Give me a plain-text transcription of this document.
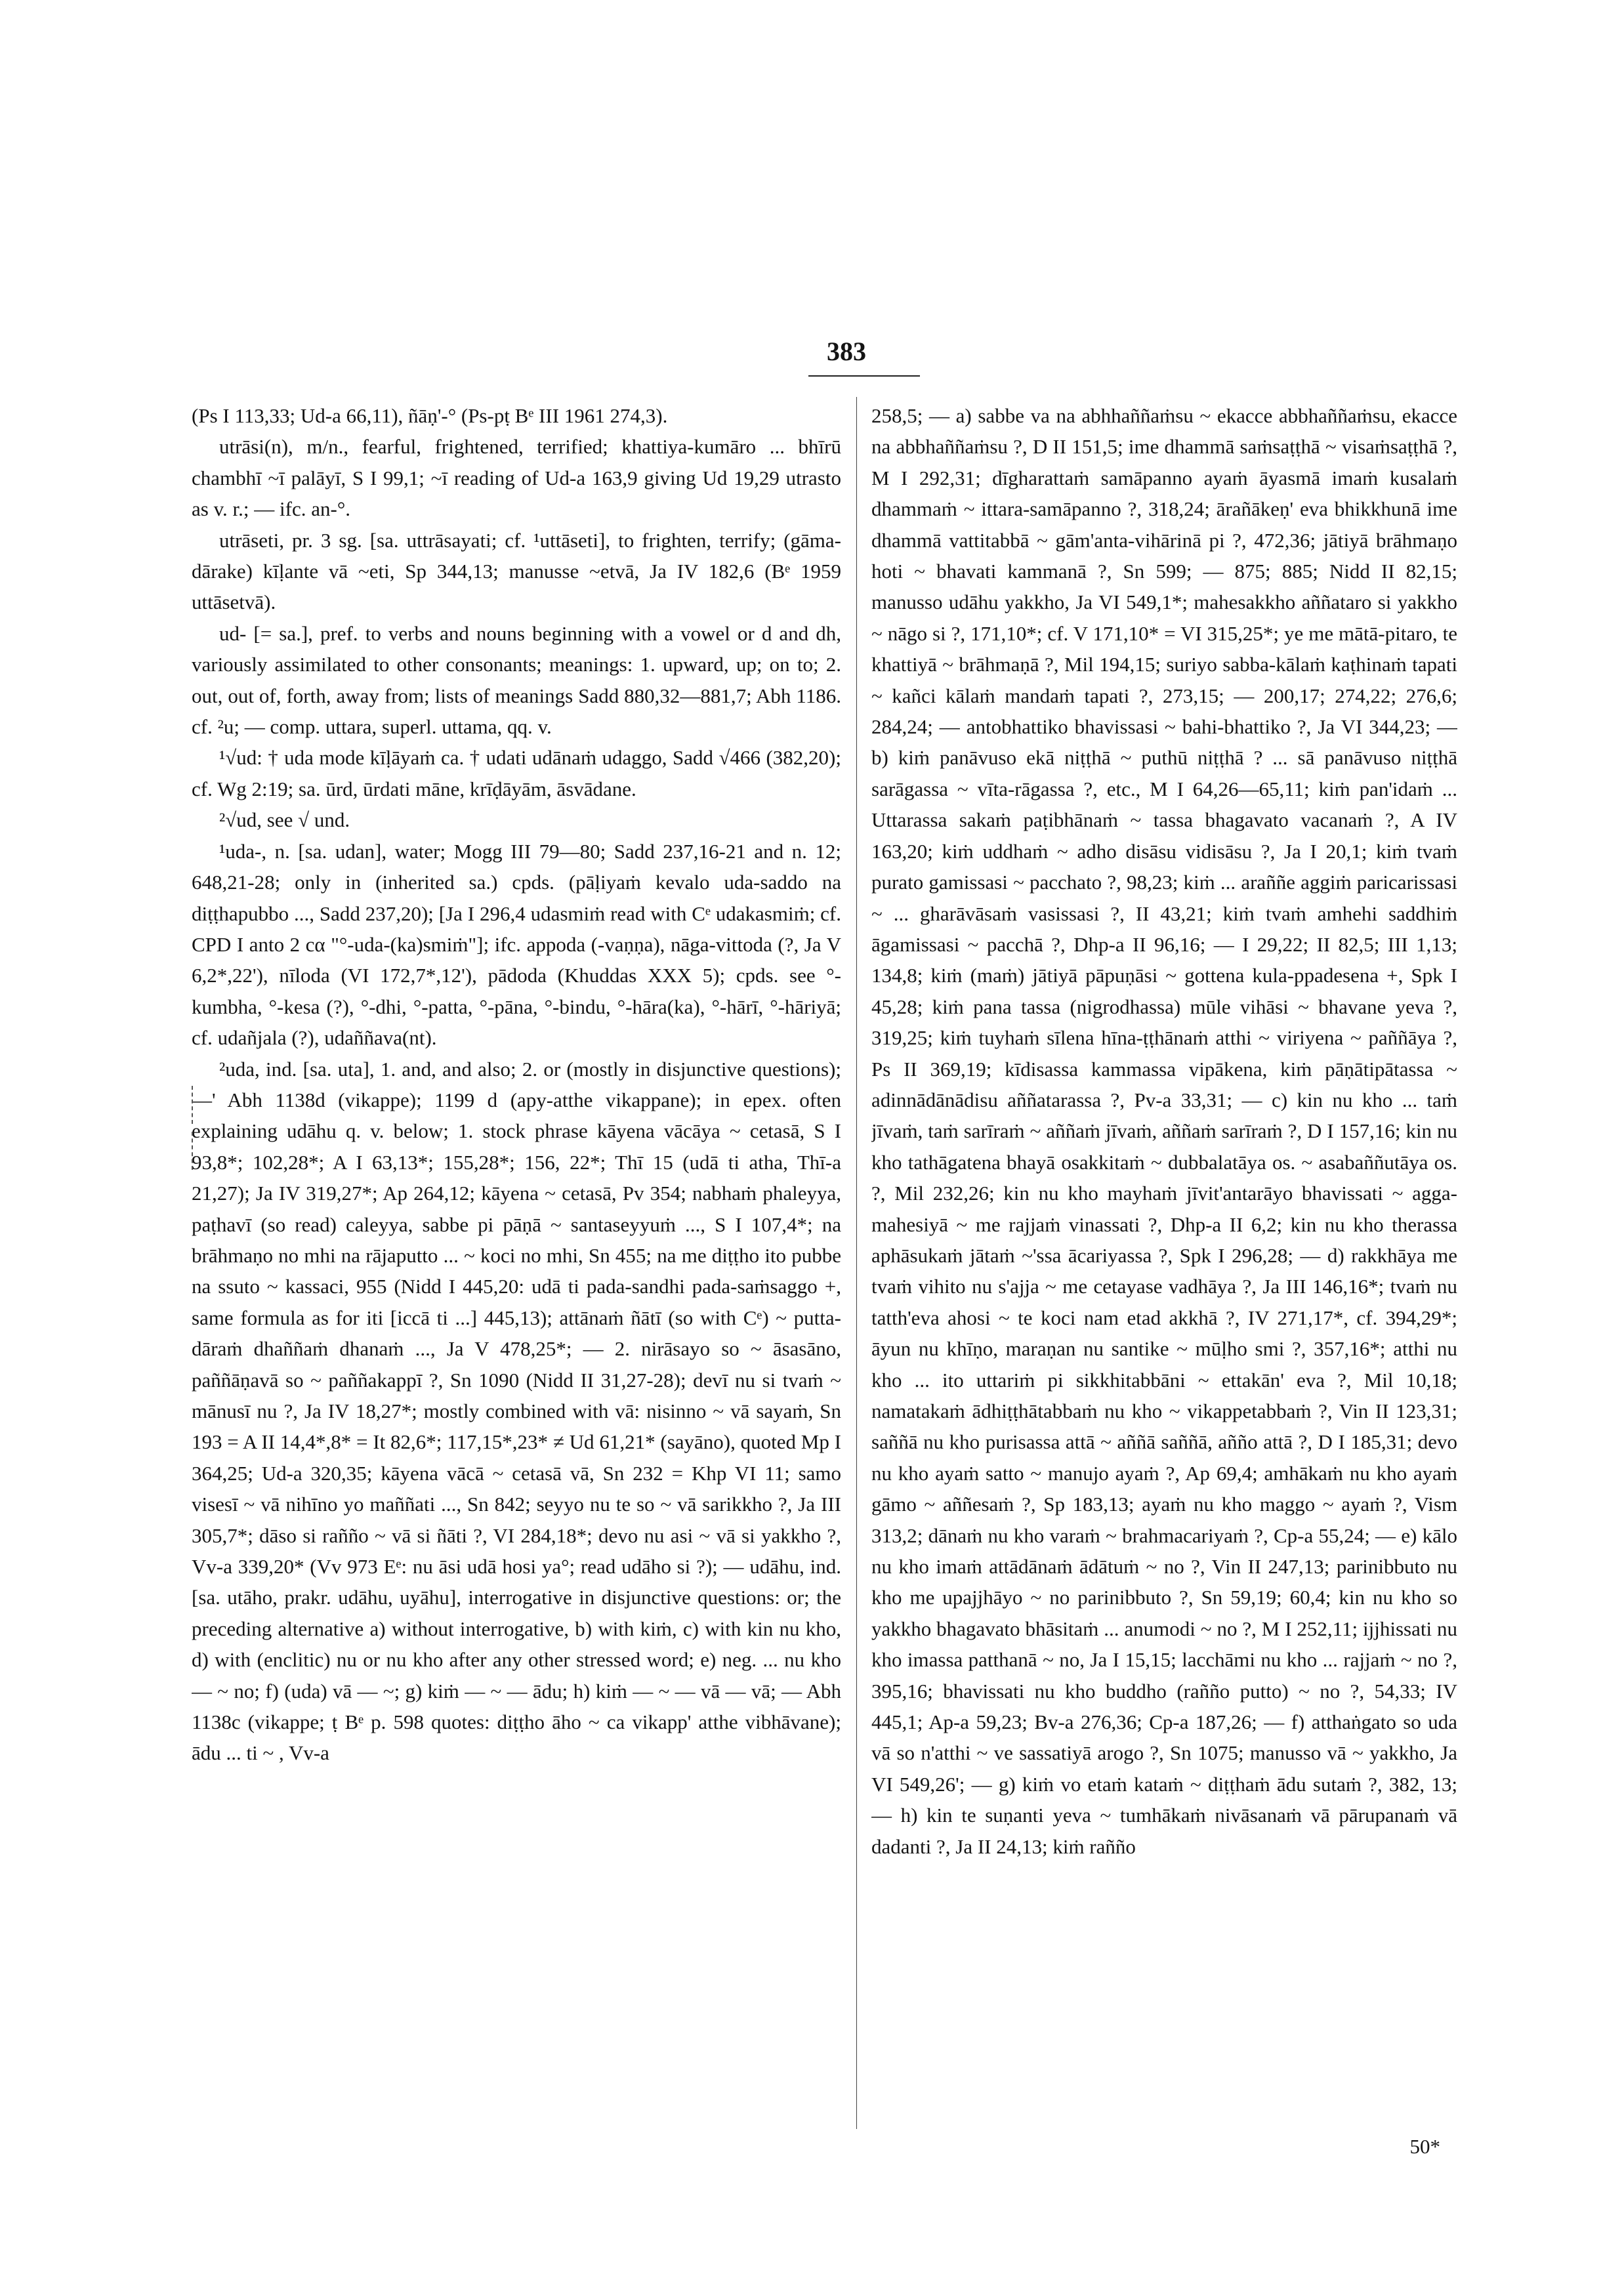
383

(Ps I 113,33; Ud-a 66,11), ñāṇ'-° (Ps-pṭ Bᵉ III 1961 274,3).

utrāsi(n), m/n., fearful, frightened, terrified; khattiya-kumāro ... bhīrū chambhī ~ī palāyī, S I 99,1; ~ī reading of Ud-a 163,9 giving Ud 19,29 utrasto as v. r.; — ifc. an-°.

utrāseti, pr. 3 sg. [sa. uttrāsayati; cf. ¹uttāseti], to frighten, terrify; (gāma-dārake) kīḷante vā ~eti, Sp 344,13; manusse ~etvā, Ja IV 182,6 (Bᵉ 1959 uttāsetvā).

ud- [= sa.], pref. to verbs and nouns beginning with a vowel or d and dh, variously assimilated to other consonants; meanings: 1. upward, up; on to; 2. out, out of, forth, away from; lists of meanings Sadd 880,32—881,7; Abh 1186. cf. ²u; — comp. uttara, superl. uttama, qq. v.

¹√ud: † uda mode kīḷāyaṁ ca. † udati udānaṁ udaggo, Sadd √466 (382,20); cf. Wg 2:19; sa. ūrd, ūrdati māne, krīḍāyām, āsvādane.

²√ud, see √ und.

¹uda-, n. [sa. udan], water; Mogg III 79—80; Sadd 237,16-21 and n. 12; 648,21-28; only in (inherited sa.) cpds. (pāḷiyaṁ kevalo uda-saddo na diṭṭhapubbo ..., Sadd 237,20); [Ja I 296,4 udasmiṁ read with Cᵉ udakasmiṁ; cf. CPD I anto 2 cα "°-uda-(ka)smiṁ"]; ifc. appoda (-vaṇṇa), nāga-vittoda (?, Ja V 6,2*,22'), nīloda (VI 172,7*,12'), pādoda (Khuddas XXX 5); cpds. see °-kumbha, °-kesa (?), °-dhi, °-patta, °-pāna, °-bindu, °-hāra(ka), °-hārī, °-hāriyā; cf. udañjala (?), udaññava(nt).

²uda, ind. [sa. uta], 1. and, and also; 2. or (mostly in disjunctive questions); —' Abh 1138d (vikappe); 1199 d (apy-atthe vikappane); in epex. often explaining udāhu q. v. below; 1. stock phrase kāyena vācāya ~ cetasā, S I 93,8*; 102,28*; A I 63,13*; 155,28*; 156, 22*; Thī 15 (udā ti atha, Thī-a 21,27); Ja IV 319,27*; Ap 264,12; kāyena ~ cetasā, Pv 354; nabhaṁ phaleyya, paṭhavī (so read) caleyya, sabbe pi pāṇā ~ santaseyyuṁ ..., S I 107,4*; na brāhmaṇo no mhi na rājaputto ... ~ koci no mhi, Sn 455; na me diṭṭho ito pubbe na ssuto ~ kassaci, 955 (Nidd I 445,20: udā ti pada-sandhi pada-saṁsaggo +, same formula as for iti [iccā ti ...] 445,13); attānaṁ ñātī (so with Cᵉ) ~ putta-dāraṁ dhaññaṁ dhanaṁ ..., Ja V 478,25*; — 2. nirāsayo so ~ āsasāno, paññāṇavā so ~ paññakappī ?, Sn 1090 (Nidd II 31,27-28); devī nu si tvaṁ ~ mānusī nu ?, Ja IV 18,27*; mostly combined with vā: nisinno ~ vā sayaṁ, Sn 193 = A II 14,4*,8* = It 82,6*; 117,15*,23* ≠ Ud 61,21* (sayāno), quoted Mp I 364,25; Ud-a 320,35; kāyena vācā ~ cetasā vā, Sn 232 = Khp VI 11; samo visesī ~ vā nihīno yo maññati ..., Sn 842; seyyo nu te so ~ vā sarikkho ?, Ja III 305,7*; dāso si rañño ~ vā si ñāti ?, VI 284,18*; devo nu asi ~ vā si yakkho ?, Vv-a 339,20* (Vv 973 Eᵉ: nu āsi udā hosi ya°; read udāho si ?); — udāhu, ind. [sa. utāho, prakr. udāhu, uyāhu], interrogative in disjunctive questions: or; the preceding alternative a) without interrogative, b) with kiṁ, c) with kin nu kho, d) with (enclitic) nu or nu kho after any other stressed word; e) neg. ... nu kho — ~ no; f) (uda) vā — ~; g) kiṁ — ~ — ādu; h) kiṁ — ~ — vā — vā; — Abh 1138c (vikappe; ṭ Bᵉ p. 598 quotes: diṭṭho āho ~ ca vikapp' atthe vibhāvane); ādu ... ti ~ , Vv-a

258,5; — a) sabbe va na abhhaññaṁsu ~ ekacce abbhaññaṁsu, ekacce na abbhaññaṁsu ?, D II 151,5; ime dhammā saṁsaṭṭhā ~ visaṁsaṭṭhā ?, M I 292,31; dīgharattaṁ samāpanno ayaṁ āyasmā imaṁ kusalaṁ dhammaṁ ~ ittara-samāpanno ?, 318,24; ārañākeṇ' eva bhikkhunā ime dhammā vattitabbā ~ gām'anta-vihārinā pi ?, 472,36; jātiyā brāhmaṇo hoti ~ bhavati kammanā ?, Sn 599; — 875; 885; Nidd II 82,15; manusso udāhu yakkho, Ja VI 549,1*; mahesakkho aññataro si yakkho ~ nāgo si ?, 171,10*; cf. V 171,10* = VI 315,25*; ye me mātā-pitaro, te khattiyā ~ brāhmaṇā ?, Mil 194,15; suriyo sabba-kālaṁ kaṭhinaṁ tapati ~ kañci kālaṁ mandaṁ tapati ?, 273,15; — 200,17; 274,22; 276,6; 284,24; — antobhattiko bhavissasi ~ bahi-bhattiko ?, Ja VI 344,23; — b) kiṁ panāvuso ekā niṭṭhā ~ puthū niṭṭhā ? ... sā panāvuso niṭṭhā sarāgassa ~ vīta-rāgassa ?, etc., M I 64,26—65,11; kiṁ pan'idaṁ ... Uttarassa sakaṁ paṭibhānaṁ ~ tassa bhagavato vacanaṁ ?, A IV 163,20; kiṁ uddhaṁ ~ adho disāsu vidisāsu ?, Ja I 20,1; kiṁ tvaṁ purato gamissasi ~ pacchato ?, 98,23; kiṁ ... araññe aggiṁ paricarissasi ~ ... gharāvāsaṁ vasissasi ?, II 43,21; kiṁ tvaṁ amhehi saddhiṁ āgamissasi ~ pacchā ?, Dhp-a II 96,16; — I 29,22; II 82,5; III 1,13; 134,8; kiṁ (maṁ) jātiyā pāpuṇāsi ~ gottena kula-ppadesena +, Spk I 45,28; kiṁ pana tassa (nigrodhassa) mūle vihāsi ~ bhavane yeva ?, 319,25; kiṁ tuyhaṁ sīlena hīna-ṭṭhānaṁ atthi ~ viriyena ~ paññāya ?, Ps II 369,19; kīdisassa kammassa vipākena, kiṁ pāṇātipātassa ~ adinnādānādisu aññatarassa ?, Pv-a 33,31; — c) kin nu kho ... taṁ jīvaṁ, taṁ sarīraṁ ~ aññaṁ jīvaṁ, aññaṁ sarīraṁ ?, D I 157,16; kin nu kho tathāgatena bhayā osakkitaṁ ~ dubbalatāya os. ~ asabaññutāya os. ?, Mil 232,26; kin nu kho mayhaṁ jīvit'antarāyo bhavissati ~ agga-mahesiyā ~ me rajjaṁ vinassati ?, Dhp-a II 6,2; kin nu kho therassa aphāsukaṁ jātaṁ ~'ssa ācariyassa ?, Spk I 296,28; — d) rakkhāya me tvaṁ vihito nu s'ajja ~ me cetayase vadhāya ?, Ja III 146,16*; tvaṁ nu tatth'eva ahosi ~ te koci nam etad akkhā ?, IV 271,17*, cf. 394,29*; āyun nu khīṇo, maraṇan nu santike ~ mūḷho smi ?, 357,16*; atthi nu kho ... ito uttariṁ pi sikkhitabbāni ~ ettakān' eva ?, Mil 10,18; namatakaṁ ādhiṭṭhātabbaṁ nu kho ~ vikappetabbaṁ ?, Vin II 123,31; saññā nu kho purisassa attā ~ aññā saññā, añño attā ?, D I 185,31; devo nu kho ayaṁ satto ~ manujo ayaṁ ?, Ap 69,4; amhākaṁ nu kho ayaṁ gāmo ~ aññesaṁ ?, Sp 183,13; ayaṁ nu kho maggo ~ ayaṁ ?, Vism 313,2; dānaṁ nu kho varaṁ ~ brahmacariyaṁ ?, Cp-a 55,24; — e) kālo nu kho imaṁ attādānaṁ ādātuṁ ~ no ?, Vin II 247,13; parinibbuto nu kho me upajjhāyo ~ no parinibbuto ?, Sn 59,19; 60,4; kin nu kho so yakkho bhagavato bhāsitaṁ ... anumodi ~ no ?, M I 252,11; ijjhissati nu kho imassa patthanā ~ no, Ja I 15,15; lacchāmi nu kho ... rajjaṁ ~ no ?, 395,16; bhavissati nu kho buddho (rañño putto) ~ no ?, 54,33; IV 445,1; Ap-a 59,23; Bv-a 276,36; Cp-a 187,26; — f) atthaṅgato so uda vā so n'atthi ~ ve sassatiyā arogo ?, Sn 1075; manusso vā ~ yakkho, Ja VI 549,26'; — g) kiṁ vo etaṁ kataṁ ~ diṭṭhaṁ ādu sutaṁ ?, 382, 13; — h) kin te suṇanti yeva ~ tumhākaṁ nivāsanaṁ vā pārupanaṁ vā dadanti ?, Ja II 24,13; kiṁ rañño

50*
